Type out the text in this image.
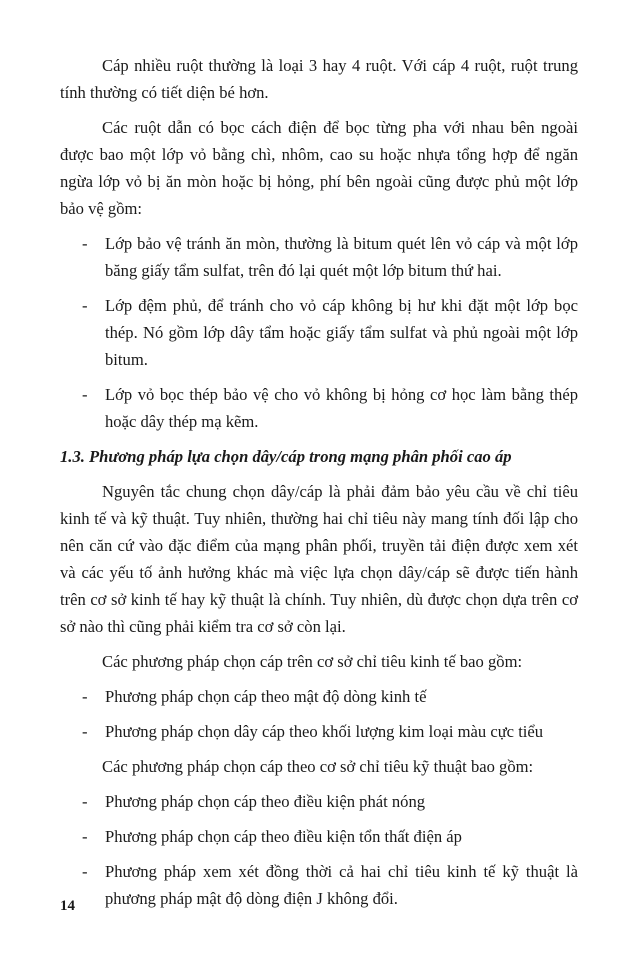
Cáp nhiều ruột thường là loại 3 hay 4 ruột. Với cáp 4 ruột, ruột trung tính thường có tiết diện bé hơn.

Các ruột dẫn có bọc cách điện để bọc từng pha với nhau bên ngoài được bao một lớp vỏ bằng chì, nhôm, cao su hoặc nhựa tổng hợp để ngăn ngừa lớp vỏ bị ăn mòn hoặc bị hỏng, phí bên ngoài cũng được phủ một lớp bảo vệ gồm:

- Lớp bảo vệ tránh ăn mòn, thường là bitum quét lên vỏ cáp và một lớp băng giấy tẩm sulfat, trên đó lại quét một lớp bitum thứ hai.
- Lớp đệm phủ, để tránh cho vỏ cáp không bị hư khi đặt một lớp bọc thép. Nó gồm lớp dây tẩm hoặc giấy tẩm sulfat và phủ ngoài một lớp bitum.
- Lớp vỏ bọc thép bảo vệ cho vỏ không bị hỏng cơ học làm bằng thép hoặc dây thép mạ kẽm.

1.3. Phương pháp lựa chọn dây/cáp trong mạng phân phối cao áp

Nguyên tắc chung chọn dây/cáp là phải đảm bảo yêu cầu về chỉ tiêu kinh tế và kỹ thuật. Tuy nhiên, thường hai chỉ tiêu này mang tính đối lập cho nên căn cứ vào đặc điểm của mạng phân phối, truyền tải điện được xem xét và các yếu tố ảnh hưởng khác mà việc lựa chọn dây/cáp sẽ được tiến hành trên cơ sở kinh tế hay kỹ thuật là chính. Tuy nhiên, dù được chọn dựa trên cơ sở nào thì cũng phải kiểm tra cơ sở còn lại.

Các phương pháp chọn cáp trên cơ sở chỉ tiêu kinh tế bao gồm:

- Phương pháp chọn cáp theo mật độ dòng kinh tế
- Phương pháp chọn dây cáp theo khối lượng kim loại màu cực tiểu

Các phương pháp chọn cáp theo cơ sở chỉ tiêu kỹ thuật bao gồm:

- Phương pháp chọn cáp theo điều kiện phát nóng
- Phương pháp chọn cáp theo điều kiện tổn thất điện áp
- Phương pháp xem xét đồng thời cả hai chỉ tiêu kinh tế kỹ thuật là phương pháp mật độ dòng điện J không đổi.
14
